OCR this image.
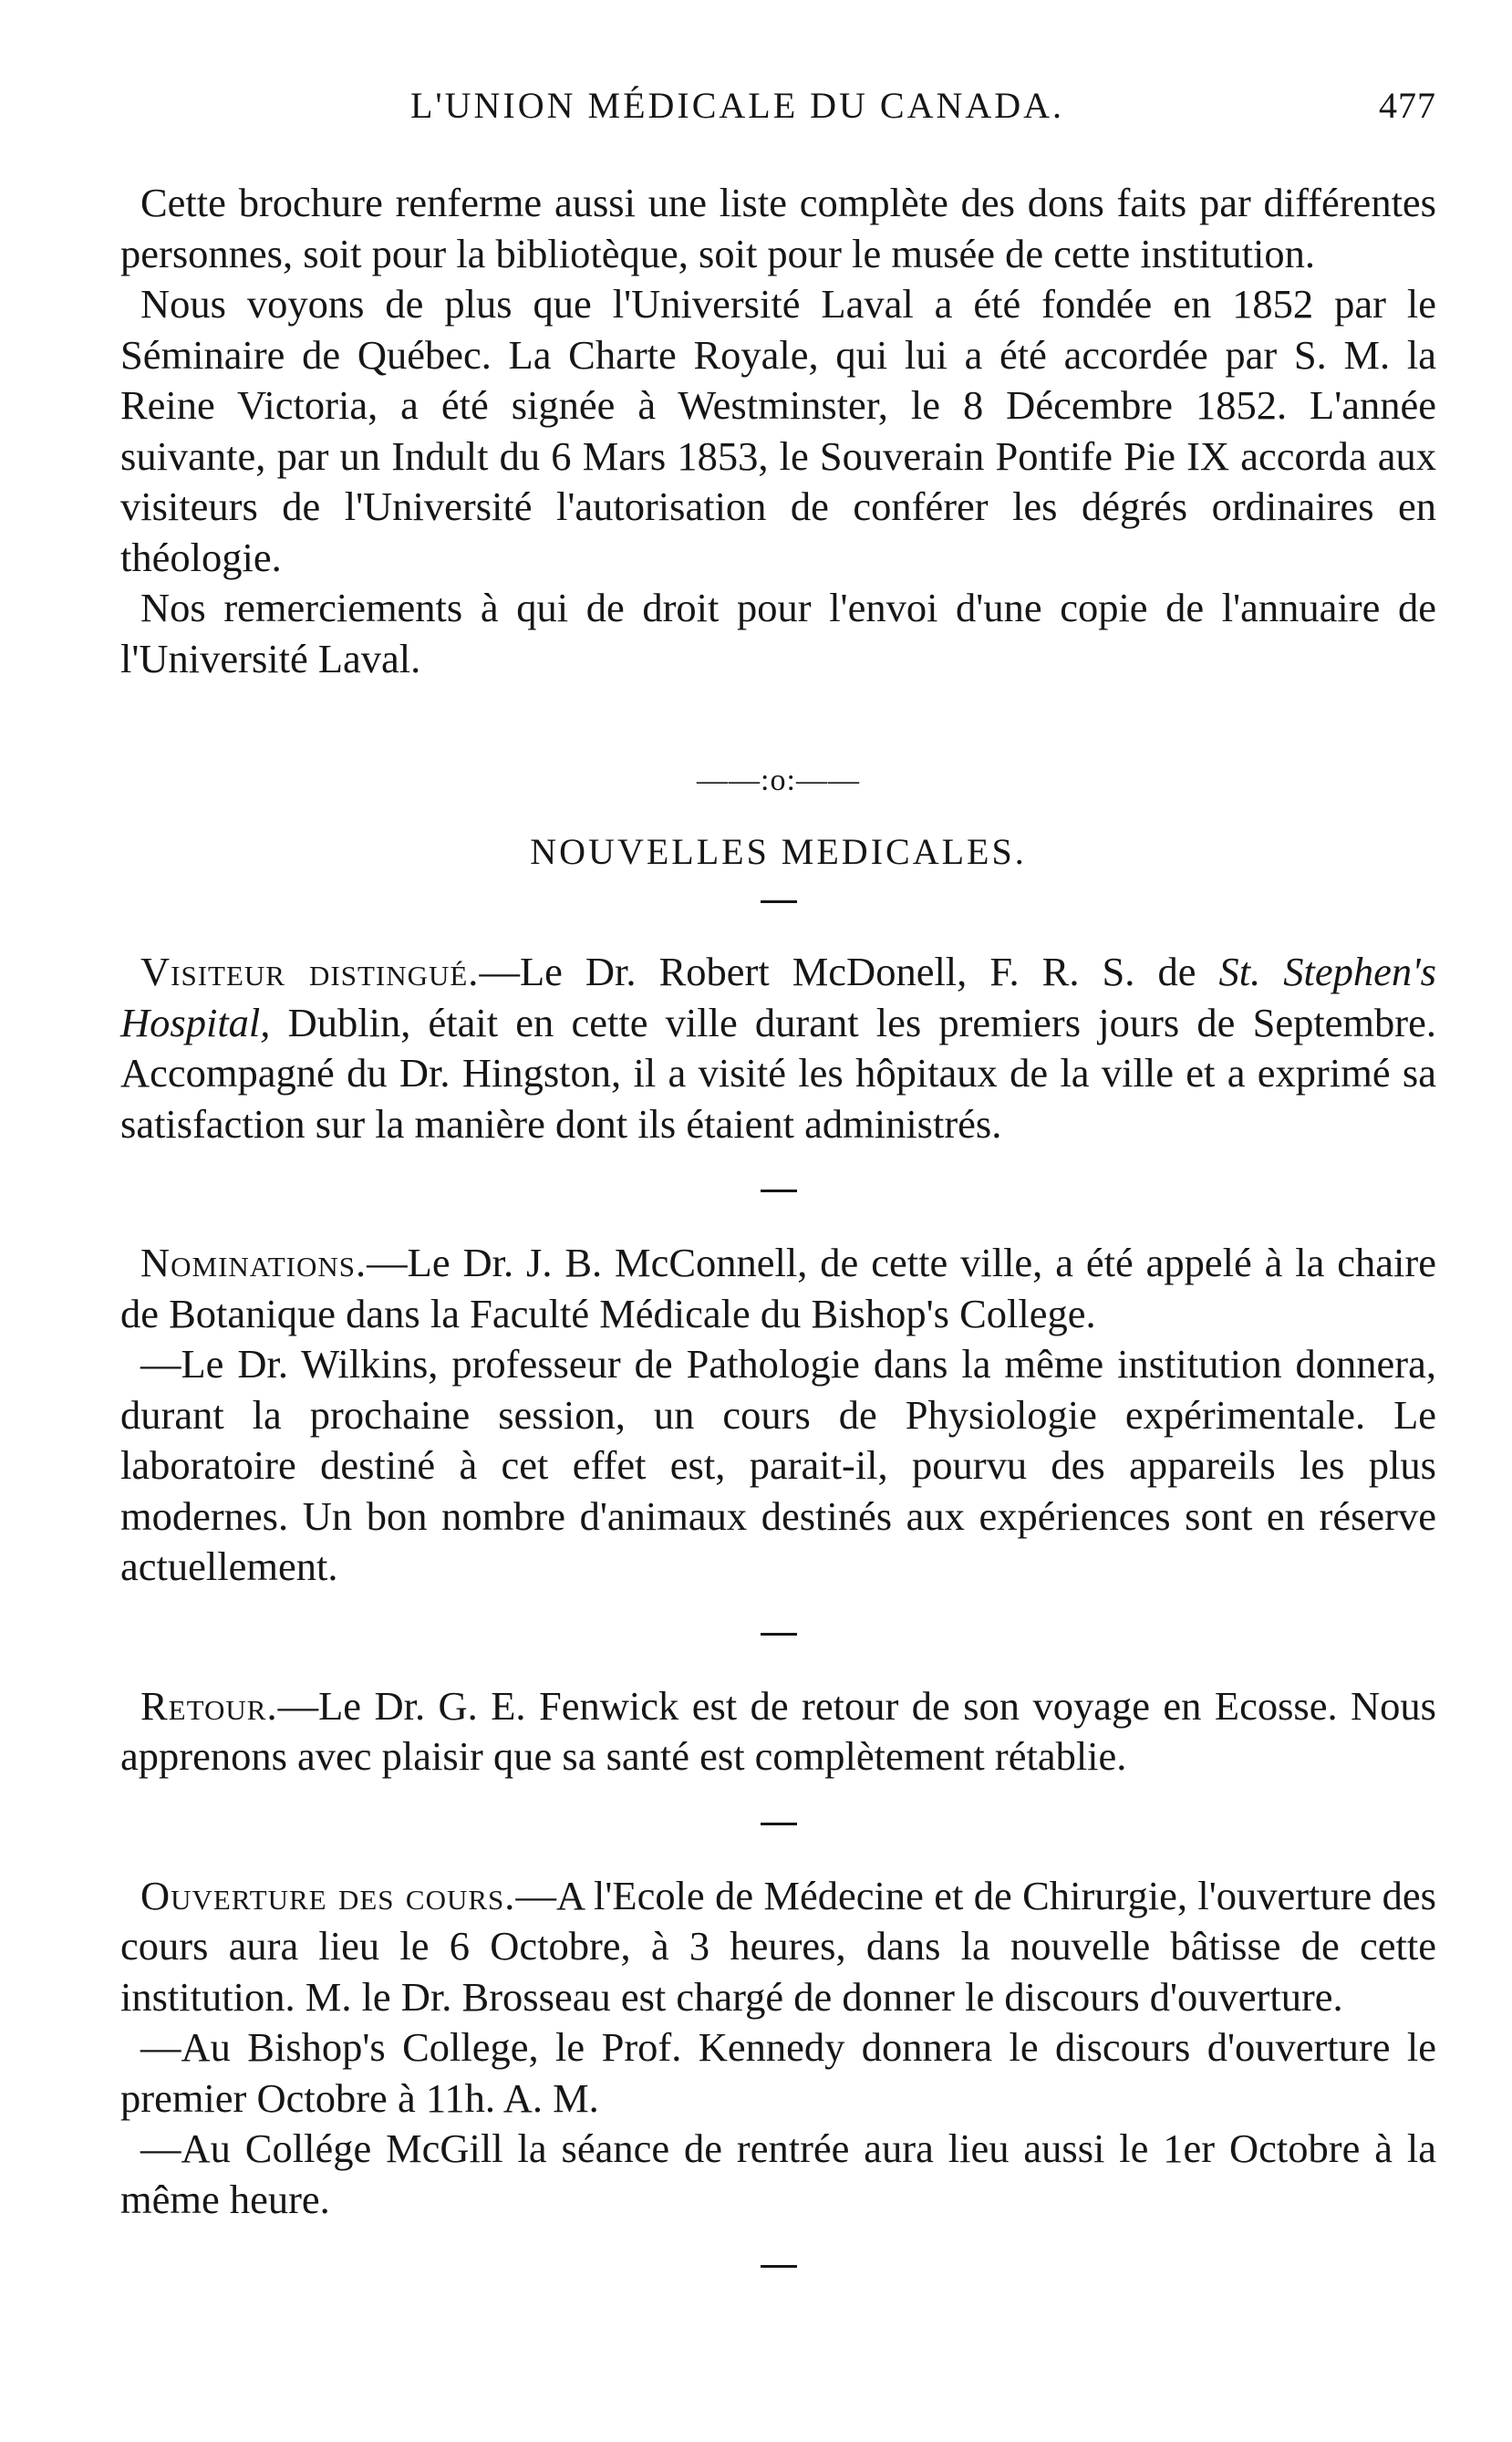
L'UNION MÉDICALE DU CANADA.	477

Cette brochure renferme aussi une liste complète des dons faits par différentes personnes, soit pour la bibliotèque, soit pour le musée de cette institution.

Nous voyons de plus que l'Université Laval a été fondée en 1852 par le Séminaire de Québec. La Charte Royale, qui lui a été accordée par S. M. la Reine Victoria, a été signée à Westminster, le 8 Décembre 1852. L'année suivante, par un Indult du 6 Mars 1853, le Souverain Pontife Pie IX accorda aux visiteurs de l'Université l'autorisation de conférer les dégrés ordinaires en théologie.

Nos remerciements à qui de droit pour l'envoi d'une copie de l'annuaire de l'Université Laval.

——:o:——
NOUVELLES MEDICALES.

Visiteur distingué.—Le Dr. Robert McDonell, F. R. S. de St. Stephen's Hospital, Dublin, était en cette ville durant les premiers jours de Septembre. Accompagné du Dr. Hingston, il a visité les hôpitaux de la ville et a exprimé sa satisfaction sur la manière dont ils étaient administrés.

Nominations.—Le Dr. J. B. McConnell, de cette ville, a été appelé à la chaire de Botanique dans la Faculté Médicale du Bishop's College.

—Le Dr. Wilkins, professeur de Pathologie dans la même institution donnera, durant la prochaine session, un cours de Physiologie expérimentale. Le laboratoire destiné à cet effet est, parait-il, pourvu des appareils les plus modernes. Un bon nombre d'animaux destinés aux expériences sont en réserve actuellement.

Retour.—Le Dr. G. E. Fenwick est de retour de son voyage en Ecosse. Nous apprenons avec plaisir que sa santé est complètement rétablie.

Ouverture des cours.—A l'Ecole de Médecine et de Chirurgie, l'ouverture des cours aura lieu le 6 Octobre, à 3 heures, dans la nouvelle bâtisse de cette institution. M. le Dr. Brosseau est chargé de donner le discours d'ouverture.

—Au Bishop's College, le Prof. Kennedy donnera le discours d'ouverture le premier Octobre à 11h. A. M.

—Au Collége McGill la séance de rentrée aura lieu aussi le 1er Octobre à la même heure.
